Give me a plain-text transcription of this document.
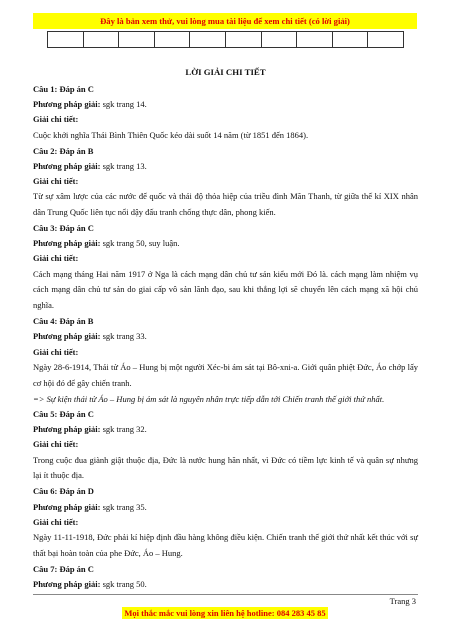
Đây là bản xem thử, vui lòng mua tài liệu để xem chi tiết (có lời giải)

LỜI GIẢI CHI TIẾT
Câu 1: Đáp án C
Phương pháp giải: sgk trang 14.
Giải chi tiết:

Cuộc khởi nghĩa Thái Bình Thiên Quốc kéo dài suốt 14 năm (từ 1851 đến 1864).

Câu 2: Đáp án B
Phương pháp giải: sgk trang 13.
Giải chi tiết:

Từ sự xâm lược của các nước đế quốc và thái độ thỏa hiệp của triều đình Mãn Thanh, từ giữa thế kỉ XIX nhân dân Trung Quốc liên tục nổi dậy đấu tranh chống thực dân, phong kiến.

Câu 3: Đáp án C
Phương pháp giải: sgk trang 50, suy luận.
Giải chi tiết:

Cách mạng tháng Hai năm 1917 ở Nga là cách mạng dân chủ tư sản kiểu mới Đó là. cách mạng làm nhiệm vụ cách mạng dân chủ tư sản do giai cấp vô sản lãnh đạo, sau khi thắng lợi sẽ chuyển lên cách mạng xã hội chủ nghĩa.

Câu 4: Đáp án B
Phương pháp giải: sgk trang 33.
Giải chi tiết:

Ngày 28-6-1914, Thái tử Áo – Hung bị một người Xéc-bi ám sát tại Bô-xni-a. Giới quân phiệt Đức, Áo chớp lấy cơ hội đó để gây chiến tranh.

=> Sự kiện thái tử Áo – Hung bị ám sát là nguyên nhân trực tiếp dẫn tới Chiến tranh thế giới thứ nhất.
Câu 5: Đáp án C
Phương pháp giải: sgk trang 32.
Giải chi tiết:

Trong cuộc đua giành giật thuộc địa, Đức là nước hung hăn nhất, vì Đức có tiềm lực kinh tế và quân sự nhưng lại ít thuộc địa.

Câu 6: Đáp án D
Phương pháp giải: sgk trang 35.
Giải chi tiết:

Ngày 11-11-1918, Đức phải kí hiệp định đầu hàng không điều kiện. Chiến tranh thế giới thứ nhất kết thúc với sự thất bại hoàn toàn của phe Đức, Áo – Hung.

Câu 7: Đáp án C
Phương pháp giải: sgk trang 50.
Trang 3
Mọi thắc mắc vui lòng xin liên hệ hotline: 084 283 45 85
